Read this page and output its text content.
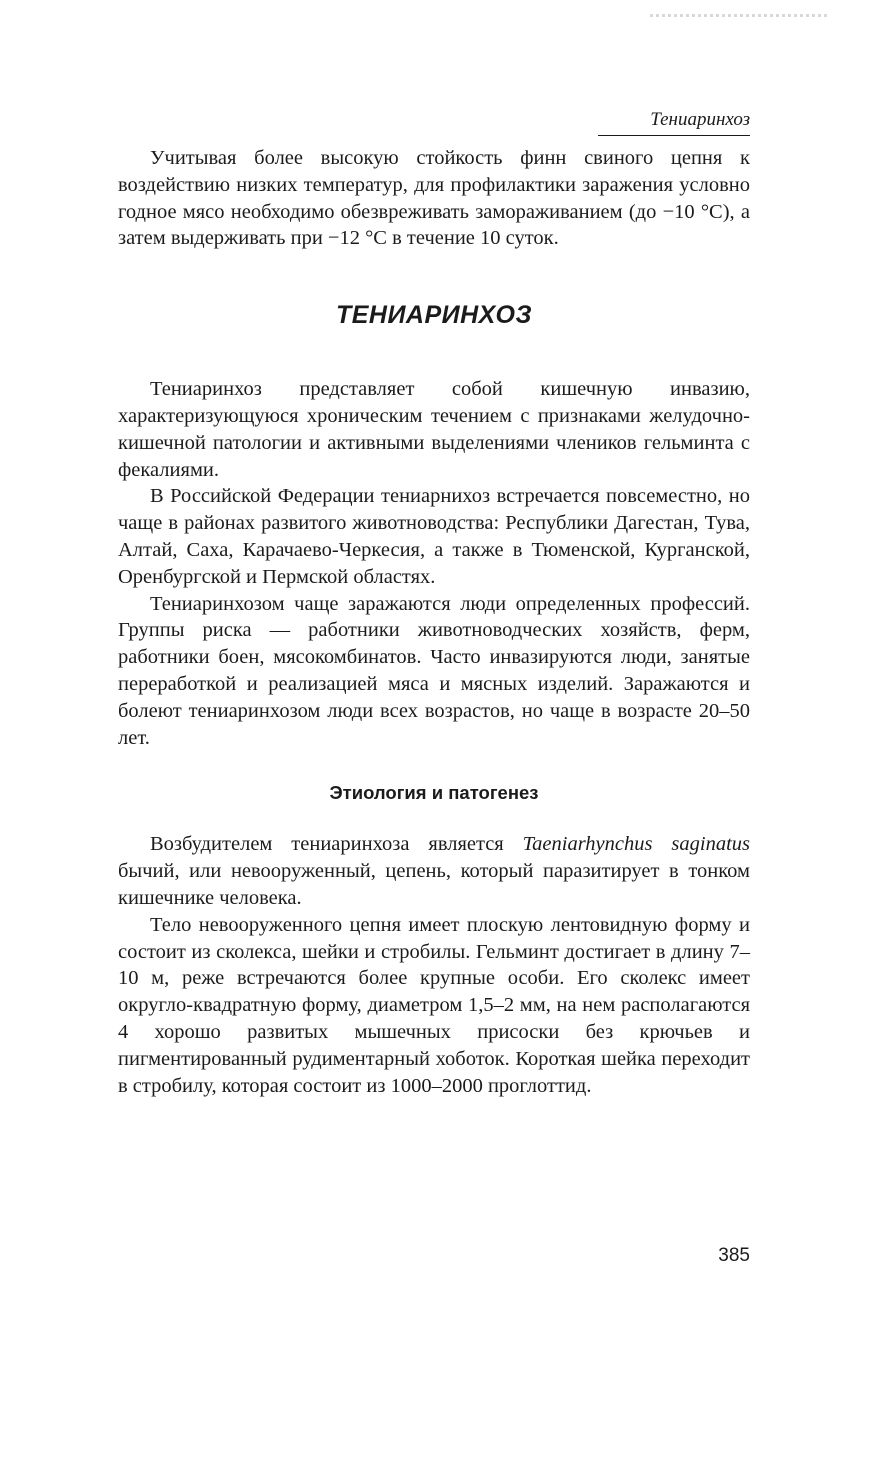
Тениаринхоз

Учитывая более высокую стойкость финн свиного цепня к воздействию низких температур, для профилактики заражения условно годное мясо необходимо обезвреживать замораживанием (до −10 °С), а затем выдерживать при −12 °С в течение 10 суток.

ТЕНИАРИНХОЗ

Тениаринхоз представляет собой кишечную инвазию, характеризующуюся хроническим течением с признаками желудочно-кишечной патологии и активными выделениями члеников гельминта с фекалиями.

В Российской Федерации тениарнихоз встречается повсеместно, но чаще в районах развитого животноводства: Республики Дагестан, Тува, Алтай, Саха, Карачаево-Черкесия, а также в Тюменской, Курганской, Оренбургской и Пермской областях.

Тениаринхозом чаще заражаются люди определенных профессий. Группы риска — работники животноводческих хозяйств, ферм, работники боен, мясокомбинатов. Часто инвазируются люди, занятые переработкой и реализацией мяса и мясных изделий. Заражаются и болеют тениаринхозом люди всех возрастов, но чаще в возрасте 20–50 лет.

Этиология и патогенез

Возбудителем тениаринхоза является Taeniarhynchus saginatus бычий, или невооруженный, цепень, который паразитирует в тонком кишечнике человека.

Тело невооруженного цепня имеет плоскую лентовидную форму и состоит из сколекса, шейки и стробилы. Гельминт достигает в длину 7–10 м, реже встречаются более крупные особи. Его сколекс имеет округло-квадратную форму, диаметром 1,5–2 мм, на нем располагаются 4 хорошо развитых мышечных присоски без крючьев и пигментированный рудиментарный хоботок. Короткая шейка переходит в стробилу, которая состоит из 1000–2000 проглоттид.

385
